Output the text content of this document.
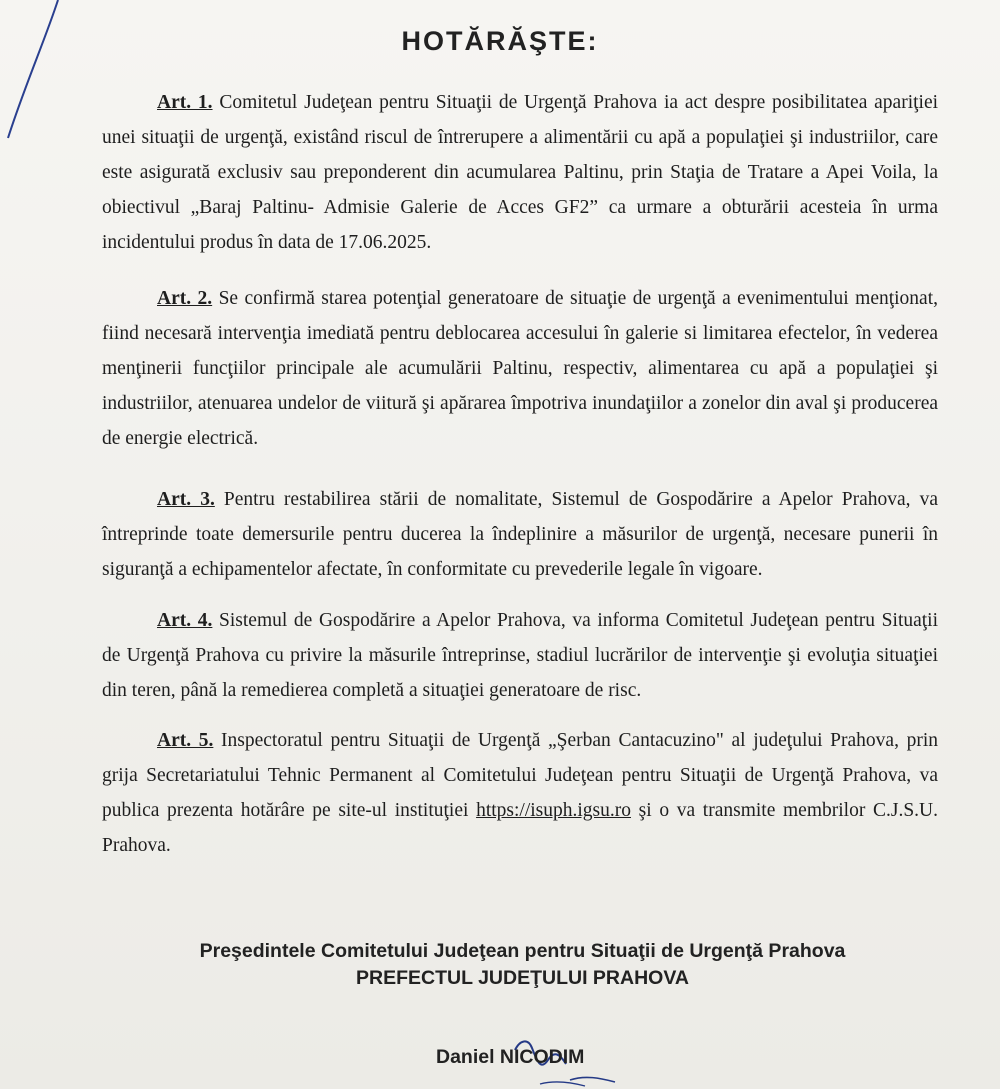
HOTĂRĂŞTE:

Art. 1. Comitetul Judeţean pentru Situaţii de Urgenţă Prahova ia act despre posibilitatea apariţiei unei situaţii de urgenţă, existând riscul de întrerupere a alimentării cu apă a populaţiei şi industriilor, care este asigurată exclusiv sau preponderent din acumularea Paltinu, prin Staţia de Tratare a Apei Voila, la obiectivul „Baraj Paltinu- Admisie Galerie de Acces GF2” ca urmare a obturării acesteia în urma incidentului produs în data de 17.06.2025.

Art. 2. Se confirmă starea potenţial generatoare de situaţie de urgenţă a evenimentului menţionat, fiind necesară intervenţia imediată pentru deblocarea accesului în galerie si limitarea efectelor, în vederea menţinerii funcţiilor principale ale acumulării Paltinu, respectiv, alimentarea cu apă a populaţiei şi industriilor, atenuarea undelor de viitură şi apărarea împotriva inundaţiilor a zonelor din aval şi producerea de energie electrică.

Art. 3. Pentru restabilirea stării de nomalitate, Sistemul de Gospodărire a Apelor Prahova, va întreprinde toate demersurile pentru ducerea la îndeplinire a măsurilor de urgenţă, necesare punerii în siguranţă a echipamentelor afectate, în conformitate cu prevederile legale în vigoare.

Art. 4. Sistemul de Gospodărire a Apelor Prahova, va informa Comitetul Judeţean pentru Situaţii de Urgenţă Prahova cu privire la măsurile întreprinse, stadiul lucrărilor de intervenţie şi evoluţia situaţiei din teren, până la remedierea completă a situaţiei generatoare de risc.

Art. 5. Inspectoratul pentru Situaţii de Urgenţă „Şerban Cantacuzino" al judeţului Prahova, prin grija Secretariatului Tehnic Permanent al Comitetului Judeţean pentru Situaţii de Urgenţă Prahova, va publica prezenta hotărâre pe site-ul instituţiei https://isuph.igsu.ro şi o va transmite membrilor C.J.S.U. Prahova.

Preşedintele Comitetului Judeţean pentru Situaţii de Urgenţă Prahova

PREFECTUL JUDEŢULUI PRAHOVA

Daniel NICODIM
